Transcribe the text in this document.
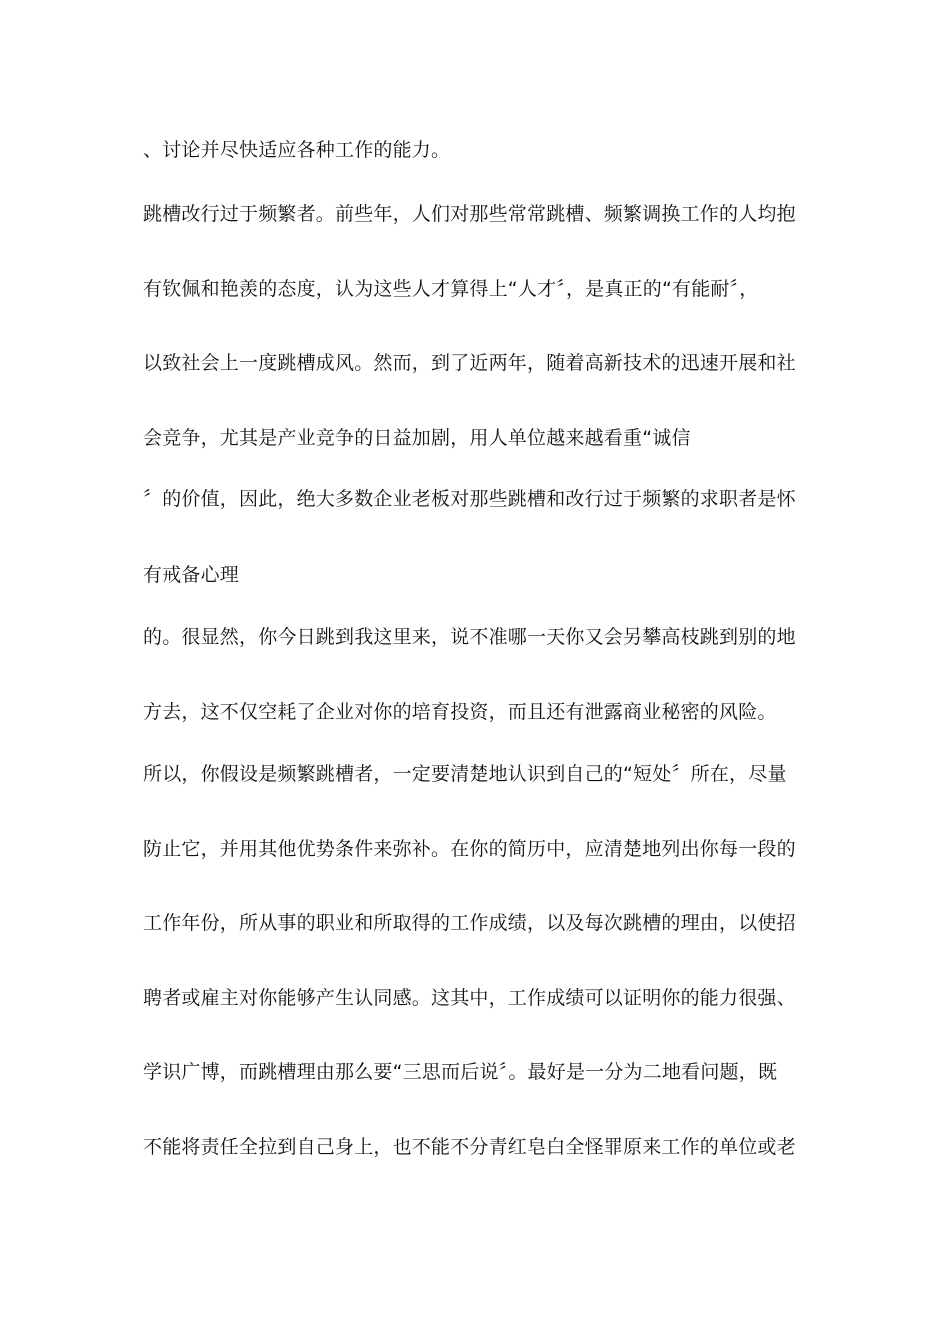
、讨论并尽快适应各种工作的能力。
跳槽改行过于频繁者。前些年，人们对那些常常跳槽、频繁调换工作的人均抱
有钦佩和艳羡的态度，认为这些人才算得上“人才〞，是真正的“有能耐〞，
以致社会上一度跳槽成风。然而，到了近两年，随着高新技术的迅速开展和社
会竞争，尤其是产业竞争的日益加剧，用人单位越来越看重“诚信
〞的价值，因此，绝大多数企业老板对那些跳槽和改行过于频繁的求职者是怀
有戒备心理
的。很显然，你今日跳到我这里来，说不准哪一天你又会另攀高枝跳到别的地
方去，这不仅空耗了企业对你的培育投资，而且还有泄露商业秘密的风险。
所以，你假设是频繁跳槽者，一定要清楚地认识到自己的“短处〞所在，尽量
防止它，并用其他优势条件来弥补。在你的简历中，应清楚地列出你每一段的
工作年份，所从事的职业和所取得的工作成绩，以及每次跳槽的理由，以使招
聘者或雇主对你能够产生认同感。这其中，工作成绩可以证明你的能力很强、
学识广博，而跳槽理由那么要“三思而后说〞。最好是一分为二地看问题，既
不能将责任全拉到自己身上，也不能不分青红皂白全怪罪原来工作的单位或老
